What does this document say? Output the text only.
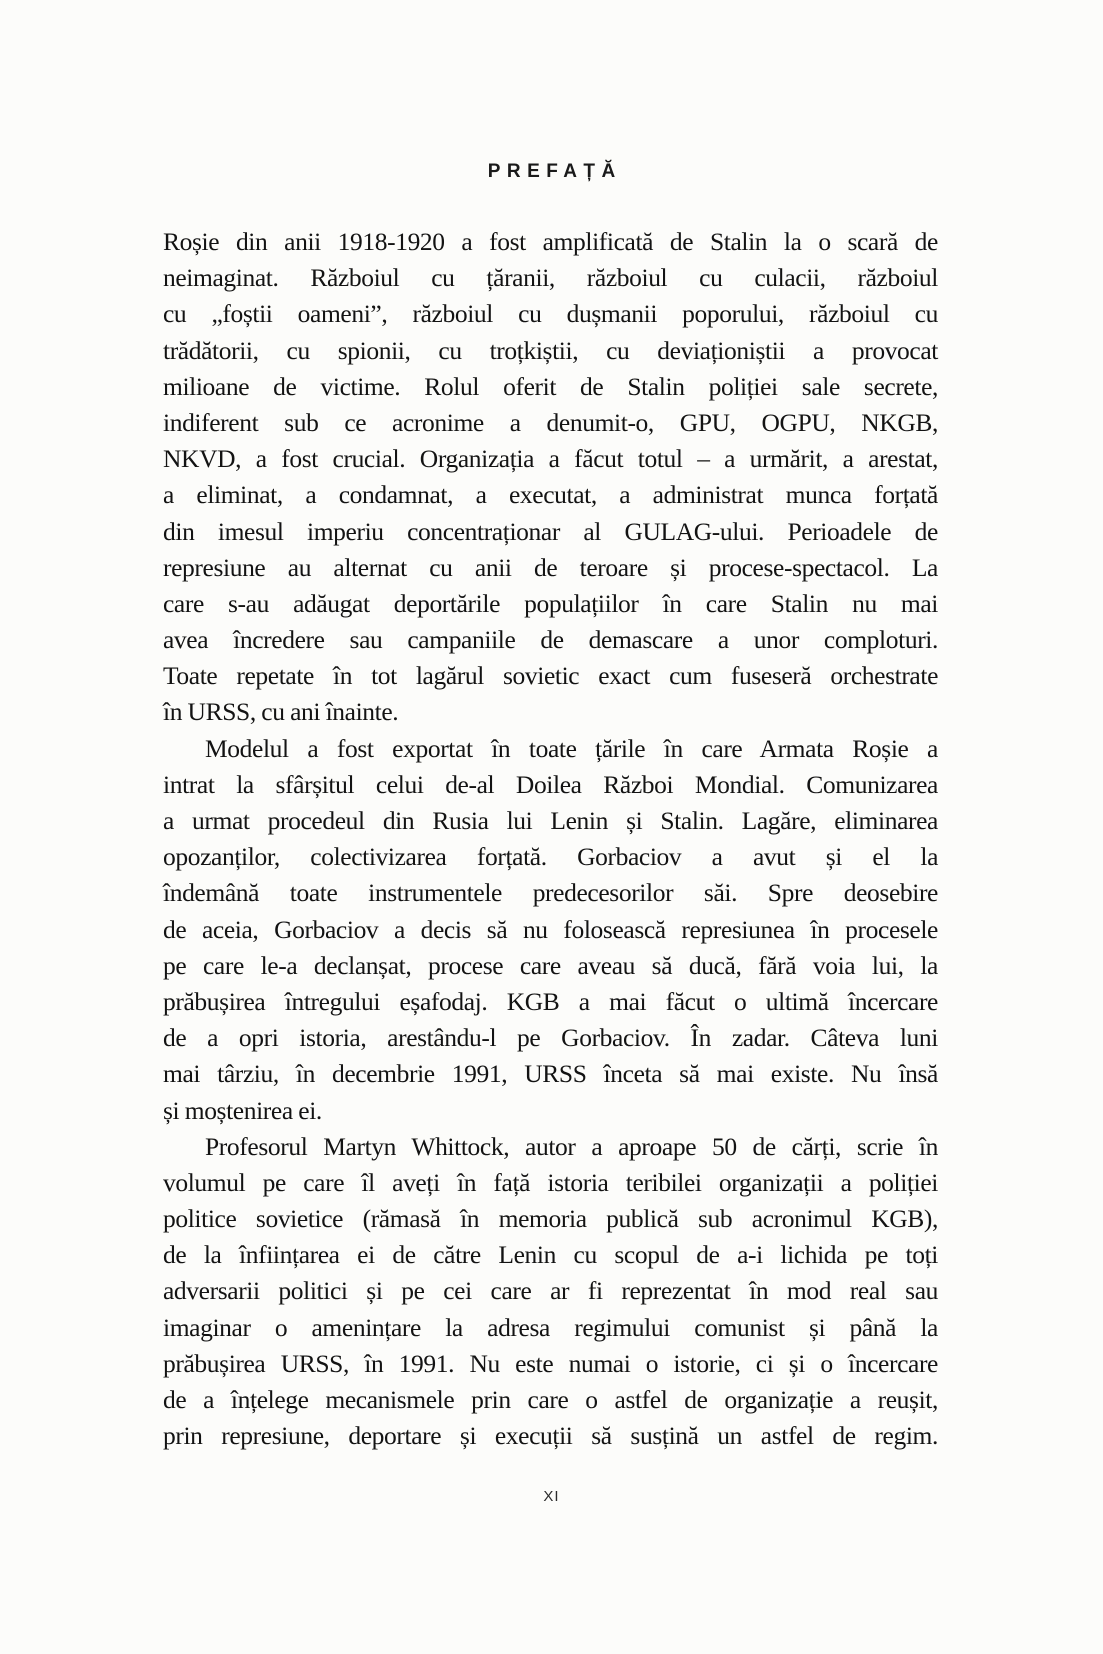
PREFAȚĂ
Roșie din anii 1918-1920 a fost amplificată de Stalin la o scară de
neimaginat. Războiul cu țăranii, războiul cu culacii, războiul
cu „foștii oameni”, războiul cu dușmanii poporului, războiul cu
trădătorii, cu spionii, cu troțkiștii, cu deviaționiștii a provocat
milioane de victime. Rolul oferit de Stalin poliției sale secrete,
indiferent sub ce acronime a denumit-o, GPU, OGPU, NKGB,
NKVD, a fost crucial. Organizația a făcut totul – a urmărit, a arestat,
a eliminat, a condamnat, a executat, a administrat munca forțată
din imesul imperiu concentraționar al GULAG-ului. Perioadele de
represiune au alternat cu anii de teroare și procese-spectacol. La
care s-au adăugat deportările populațiilor în care Stalin nu mai
avea încredere sau campaniile de demascare a unor comploturi.
Toate repetate în tot lagărul sovietic exact cum fuseseră orchestrate
în URSS, cu ani înainte.
Modelul a fost exportat în toate țările în care Armata Roșie a
intrat la sfârșitul celui de-al Doilea Război Mondial. Comunizarea
a urmat procedeul din Rusia lui Lenin și Stalin. Lagăre, eliminarea
opozanților, colectivizarea forțată. Gorbaciov a avut și el la
îndemână toate instrumentele predecesorilor săi. Spre deosebire
de aceia, Gorbaciov a decis să nu folosească represiunea în procesele
pe care le-a declanșat, procese care aveau să ducă, fără voia lui, la
prăbușirea întregului eșafodaj. KGB a mai făcut o ultimă încercare
de a opri istoria, arestându-l pe Gorbaciov. În zadar. Câteva luni
mai târziu, în decembrie 1991, URSS înceta să mai existe. Nu însă
și moștenirea ei.
Profesorul Martyn Whittock, autor a aproape 50 de cărți, scrie în
volumul pe care îl aveți în față istoria teribilei organizații a poliției
politice sovietice (rămasă în memoria publică sub acronimul KGB),
de la înființarea ei de către Lenin cu scopul de a-i lichida pe toți
adversarii politici și pe cei care ar fi reprezentat în mod real sau
imaginar o amenințare la adresa regimului comunist și până la
prăbușirea URSS, în 1991. Nu este numai o istorie, ci și o încercare
de a înțelege mecanismele prin care o astfel de organizație a reușit,
prin represiune, deportare și execuții să susțină un astfel de regim.
XI
